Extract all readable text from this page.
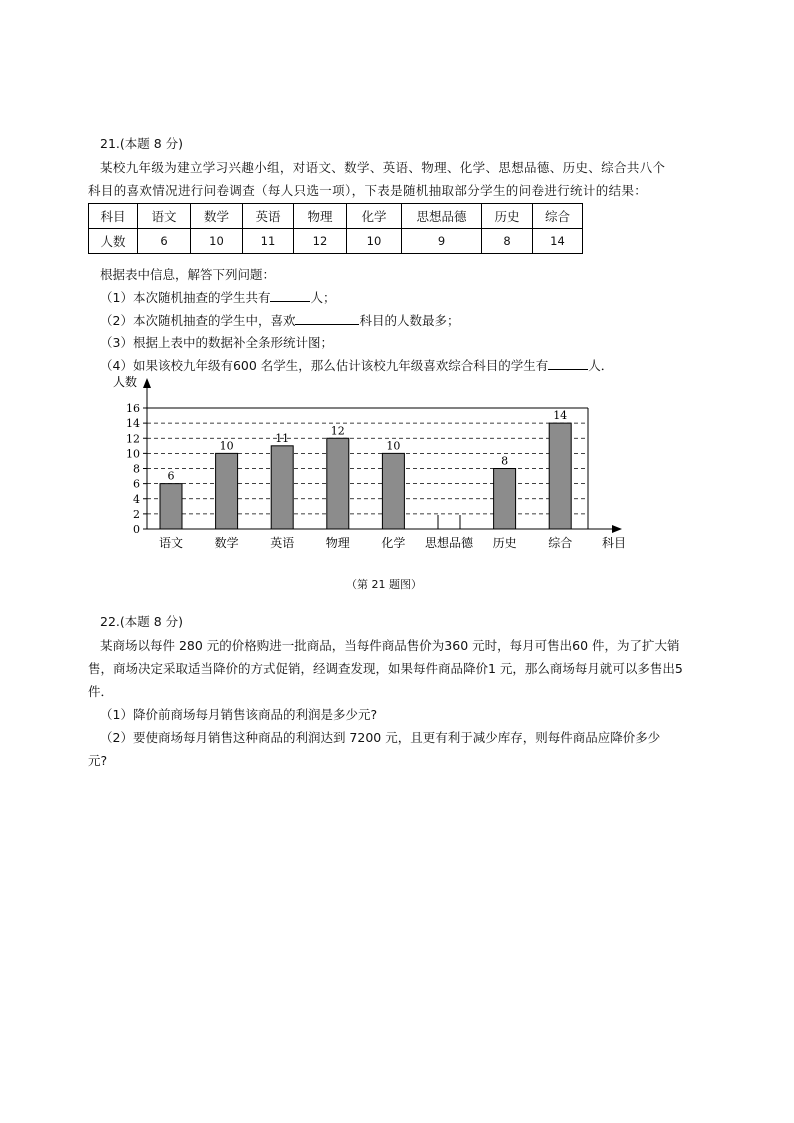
21.(本题 8 分)
某校九年级为建立学习兴趣小组，对语文、数学、英语、物理、化学、思想品德、历史、综合共八个
科目的喜欢情况进行问卷调查（每人只选一项），下表是随机抽取部分学生的问卷进行统计的结果：
科目	语文	数学	英语	物理	化学	思想品德	历史	综合
人数	6	10	11	12	10	9	8	14
根据表中信息，解答下列问题：
（1）本次随机抽查的学生共有	人；
（2）本次随机抽查的学生中，喜欢	科目的人数最多；
（3）根据上表中的数据补全条形统计图；
（4）如果该校九年级有600 名学生，那么估计该校九年级喜欢综合科目的学生有	人．
0
2
4
6
8
10
12
14
16
人数
科目
6
语文
10
数学
11
英语
12
物理
10
化学 思想品德
8
历史
14
综合
（第 21 题图）
22.(本题 8 分)
某商场以每件 280 元的价格购进一批商品，当每件商品售价为360 元时，每月可售出60 件，为了扩大销
售，商场决定采取适当降价的方式促销，经调查发现，如果每件商品降价1 元，那么商场每月就可以多售出5
件．
（1）降价前商场每月销售该商品的利润是多少元?
（2）要使商场每月销售这种商品的利润达到 7200 元，且更有利于减少库存，则每件商品应降价多少
元?
